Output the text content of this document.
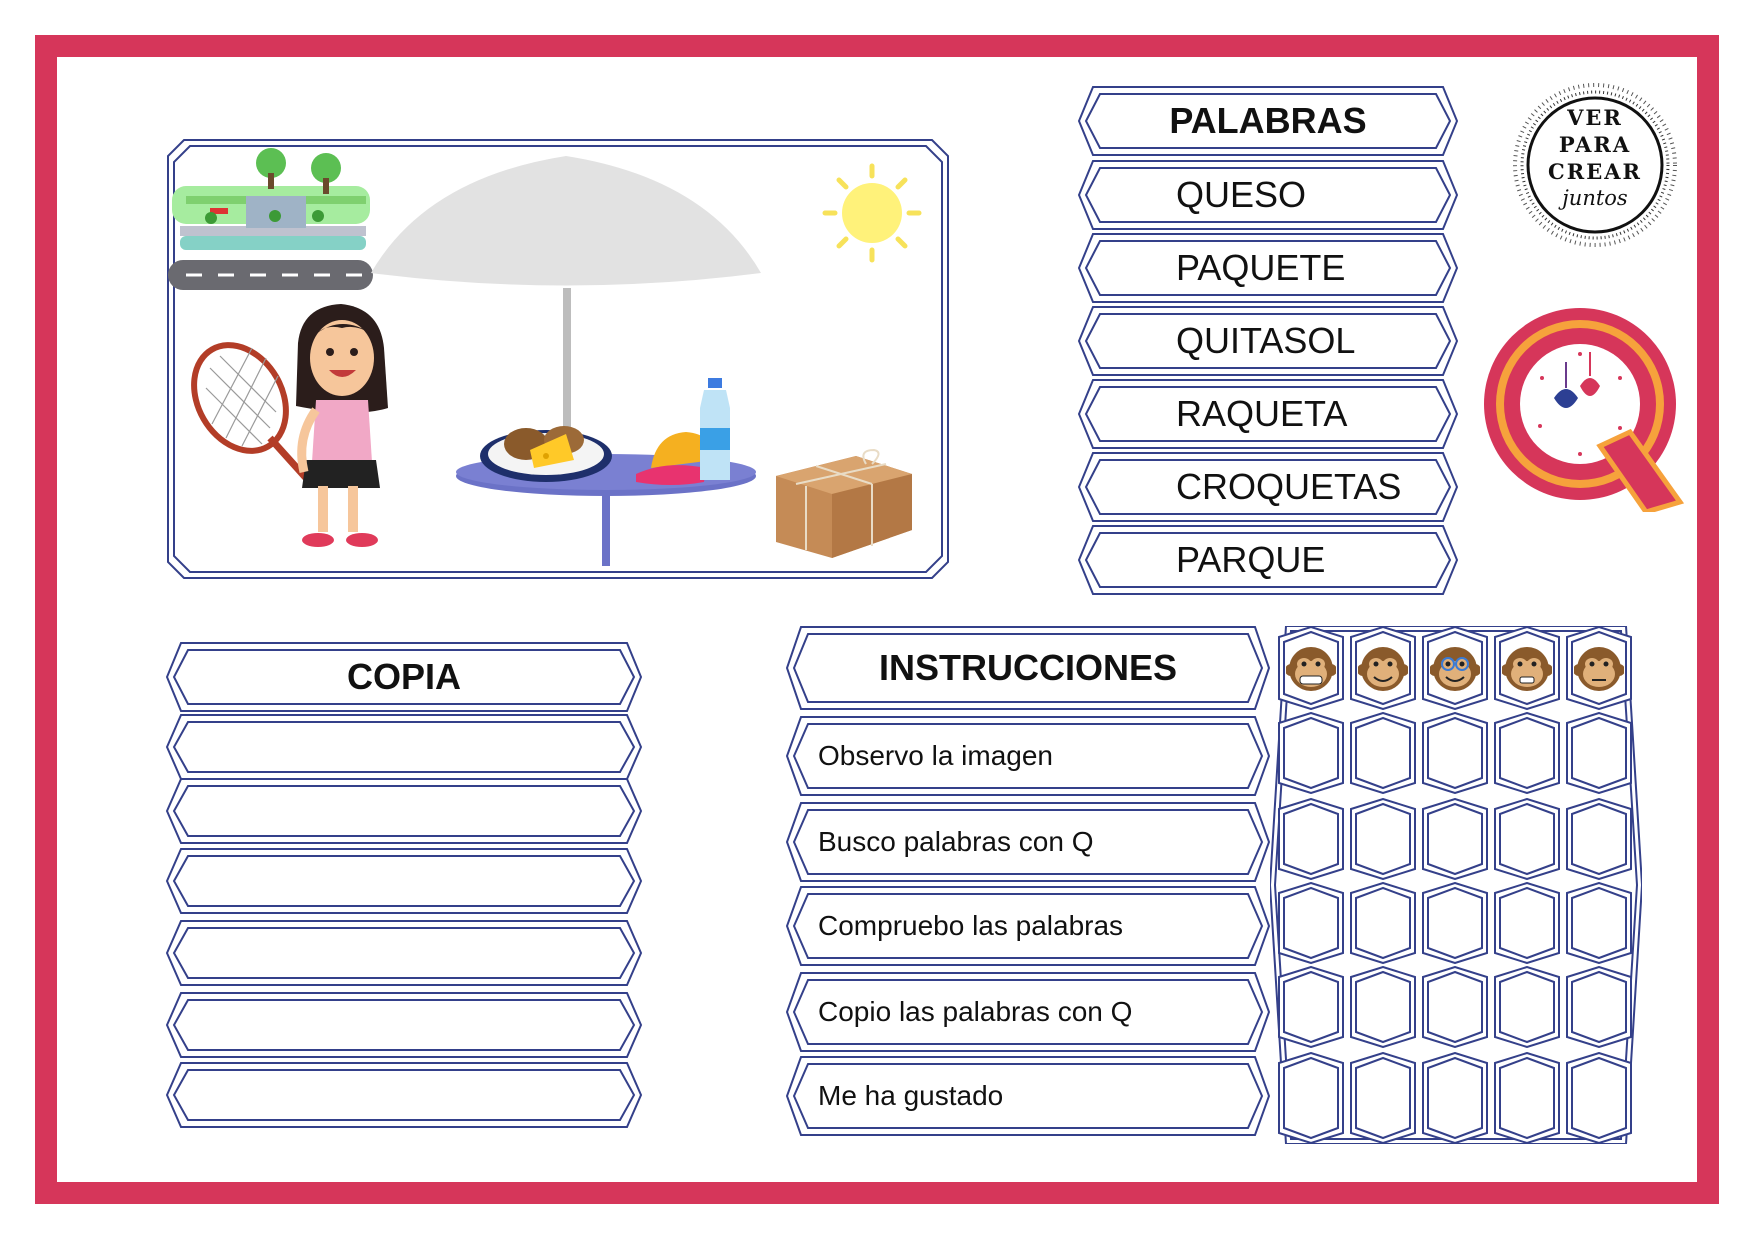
VER
PARA
CREAR
juntos
PALABRAS
QUESO
PAQUETE
QUITASOL
RAQUETA
CROQUETAS
PARQUE
COPIA	INSTRUCCIONES
Observo la imagen
Busco palabras con Q
Compruebo las palabras
Copio las palabras con Q
Me ha gustado
